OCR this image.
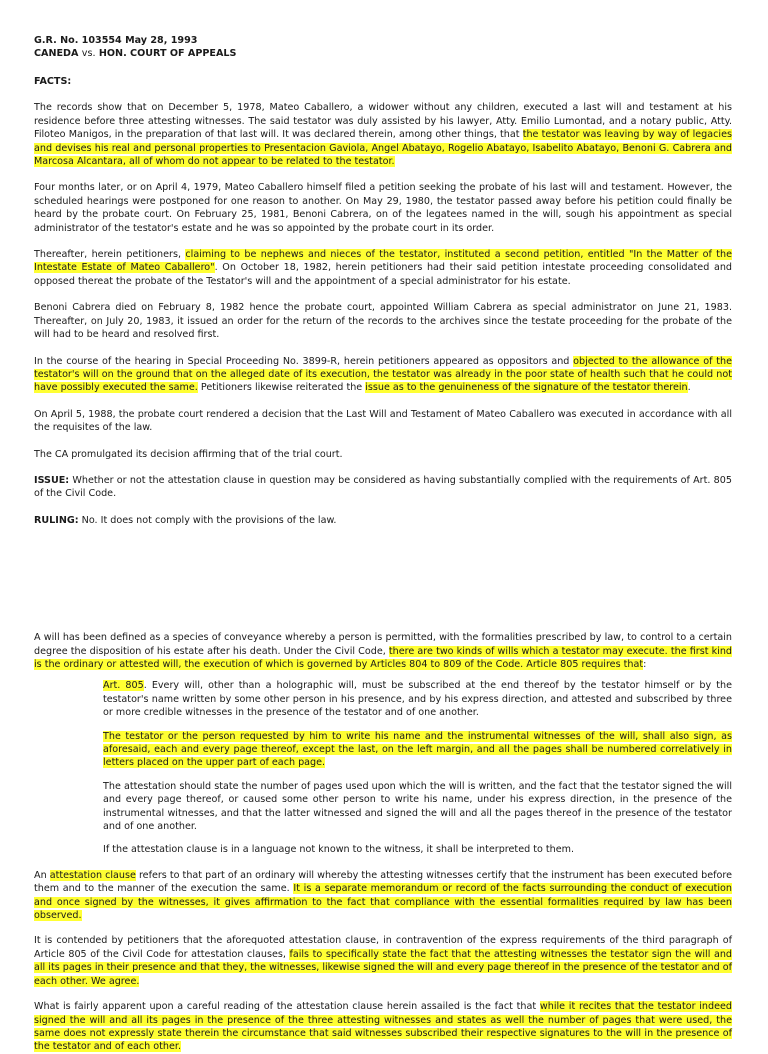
G.R. No. 103554 May 28, 1993

CANEDA vs. HON. COURT OF APPEALS

FACTS:

The records show that on December 5, 1978, Mateo Caballero, a widower without any children, executed a last will and testament at his residence before three attesting witnesses. The said testator was duly assisted by his lawyer, Atty. Emilio Lumontad, and a notary public, Atty. Filoteo Manigos, in the preparation of that last will. It was declared therein, among other things, that the testator was leaving by way of legacies and devises his real and personal properties to Presentacion Gaviola, Angel Abatayo, Rogelio Abatayo, Isabelito Abatayo, Benoni G. Cabrera and Marcosa Alcantara, all of whom do not appear to be related to the testator.

Four months later, or on April 4, 1979, Mateo Caballero himself filed a petition seeking the probate of his last will and testament. However, the scheduled hearings were postponed for one reason to another. On May 29, 1980, the testator passed away before his petition could finally be heard by the probate court. On February 25, 1981, Benoni Cabrera, on of the legatees named in the will, sough his appointment as special administrator of the testator's estate and he was so appointed by the probate court in its order.

Thereafter, herein petitioners, claiming to be nephews and nieces of the testator, instituted a second petition, entitled "In the Matter of the Intestate Estate of Mateo Caballero". On October 18, 1982, herein petitioners had their said petition intestate proceeding consolidated and opposed thereat the probate of the Testator's will and the appointment of a special administrator for his estate.

Benoni Cabrera died on February 8, 1982 hence the probate court, appointed William Cabrera as special administrator on June 21, 1983. Thereafter, on July 20, 1983, it issued an order for the return of the records to the archives since the testate proceeding for the probate of the will had to be heard and resolved first.

In the course of the hearing in Special Proceeding No. 3899-R, herein petitioners appeared as oppositors and objected to the allowance of the testator's will on the ground that on the alleged date of its execution, the testator was already in the poor state of health such that he could not have possibly executed the same. Petitioners likewise reiterated the issue as to the genuineness of the signature of the testator therein.

On April 5, 1988, the probate court rendered a decision that the Last Will and Testament of Mateo Caballero was executed in accordance with all the requisites of the law.

The CA promulgated its decision affirming that of the trial court.

ISSUE: Whether or not the attestation clause in question may be considered as having substantially complied with the requirements of Art. 805 of the Civil Code.

RULING: No. It does not comply with the provisions of the law.

A will has been defined as a species of conveyance whereby a person is permitted, with the formalities prescribed by law, to control to a certain degree the disposition of his estate after his death. Under the Civil Code, there are two kinds of wills which a testator may execute. the first kind is the ordinary or attested will, the execution of which is governed by Articles 804 to 809 of the Code. Article 805 requires that:

Art. 805. Every will, other than a holographic will, must be subscribed at the end thereof by the testator himself or by the testator's name written by some other person in his presence, and by his express direction, and attested and subscribed by three or more credible witnesses in the presence of the testator and of one another.

The testator or the person requested by him to write his name and the instrumental witnesses of the will, shall also sign, as aforesaid, each and every page thereof, except the last, on the left margin, and all the pages shall be numbered correlatively in letters placed on the upper part of each page.

The attestation should state the number of pages used upon which the will is written, and the fact that the testator signed the will and every page thereof, or caused some other person to write his name, under his express direction, in the presence of the instrumental witnesses, and that the latter witnessed and signed the will and all the pages thereof in the presence of the testator and of one another.

If the attestation clause is in a language not known to the witness, it shall be interpreted to them.

An attestation clause refers to that part of an ordinary will whereby the attesting witnesses certify that the instrument has been executed before them and to the manner of the execution the same. It is a separate memorandum or record of the facts surrounding the conduct of execution and once signed by the witnesses, it gives affirmation to the fact that compliance with the essential formalities required by law has been observed.

It is contended by petitioners that the aforequoted attestation clause, in contravention of the express requirements of the third paragraph of Article 805 of the Civil Code for attestation clauses, fails to specifically state the fact that the attesting witnesses the testator sign the will and all its pages in their presence and that they, the witnesses, likewise signed the will and every page thereof in the presence of the testator and of each other. We agree.

What is fairly apparent upon a careful reading of the attestation clause herein assailed is the fact that while it recites that the testator indeed signed the will and all its pages in the presence of the three attesting witnesses and states as well the number of pages that were used, the same does not expressly state therein the circumstance that said witnesses subscribed their respective signatures to the will in the presence of the testator and of each other.
